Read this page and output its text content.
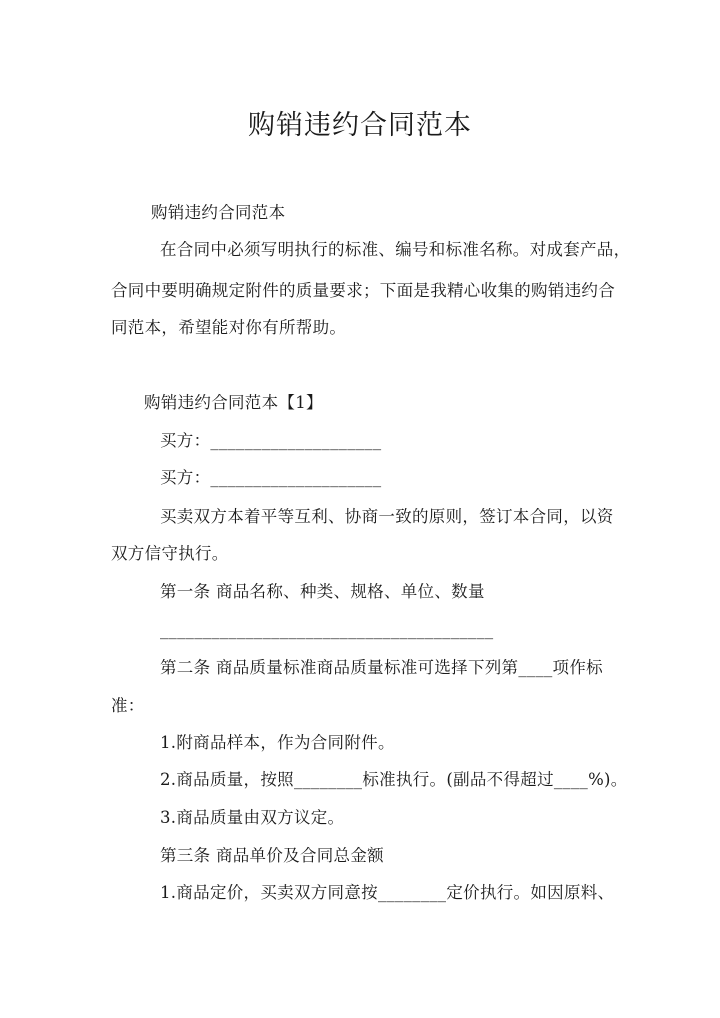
购销违约合同范本
购销违约合同范本
在合同中必须写明执行的标准、编号和标准名称。对成套产品，
合同中要明确规定附件的质量要求；下面是我精心收集的购销违约合
同范本，希望能对你有所帮助。
购销违约合同范本【1】
买方：____________________
买方：____________________
买卖双方本着平等互利、协商一致的原则，签订本合同，以资
双方信守执行。
第一条 商品名称、种类、规格、单位、数量
_______________________________________
第二条 商品质量标准商品质量标准可选择下列第____项作标
准：
1.附商品样本，作为合同附件。
2.商品质量，按照________标准执行。(副品不得超过____%)。
3.商品质量由双方议定。
第三条 商品单价及合同总金额
1.商品定价，买卖双方同意按________定价执行。如因原料、
